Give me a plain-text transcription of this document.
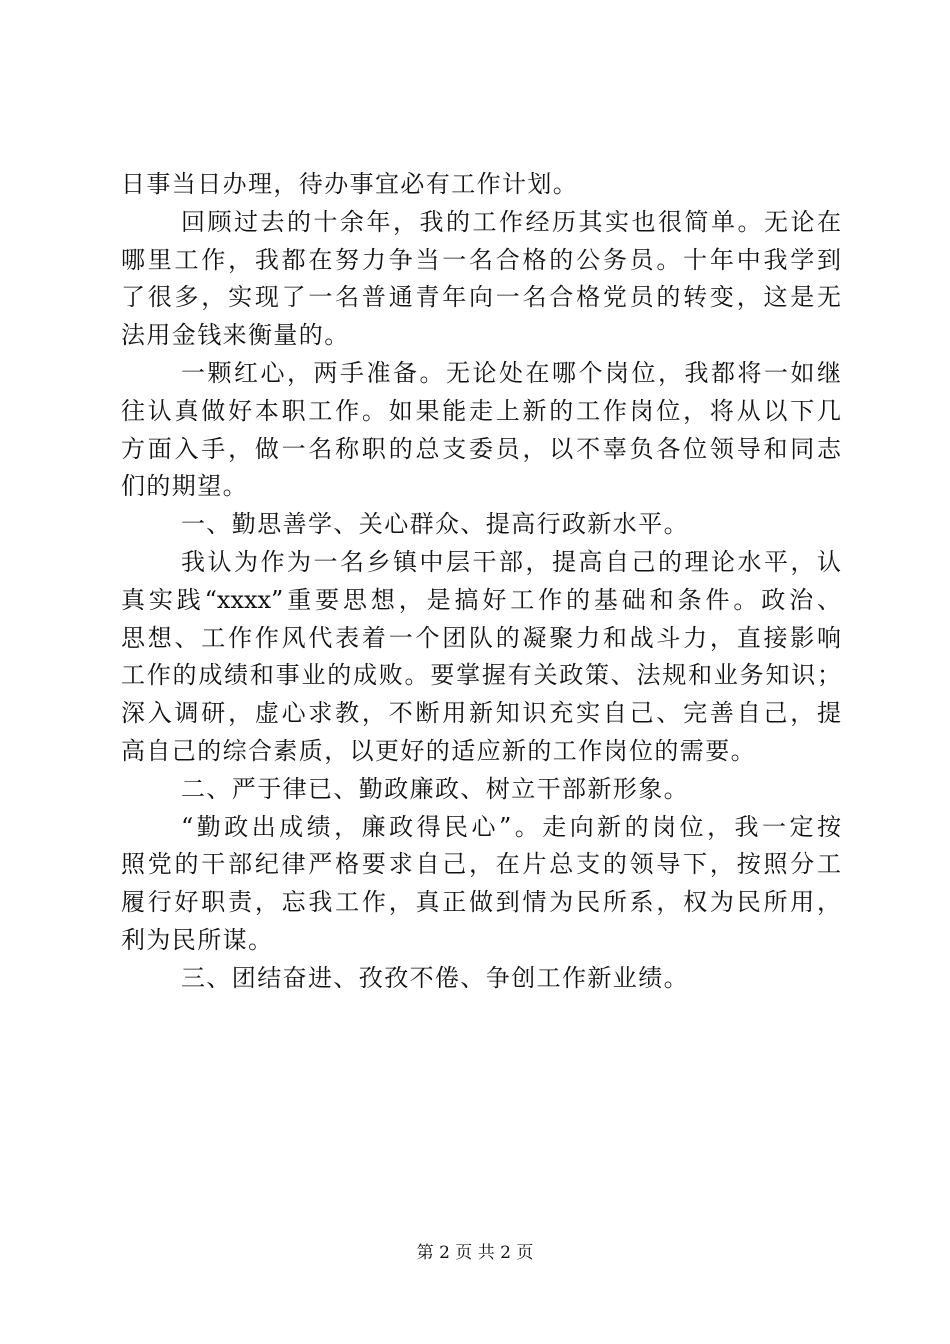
日事当日办理，待办事宜必有工作计划。
回顾过去的十余年，我的工作经历其实也很简单。无论在
哪里工作，我都在努力争当一名合格的公务员。十年中我学到
了很多，实现了一名普通青年向一名合格党员的转变，这是无
法用金钱来衡量的。
一颗红心，两手准备。无论处在哪个岗位，我都将一如继
往认真做好本职工作。如果能走上新的工作岗位，将从以下几
方面入手，做一名称职的总支委员，以不辜负各位领导和同志
们的期望。
一、勤思善学、关心群众、提高行政新水平。
我认为作为一名乡镇中层干部，提高自己的理论水平，认
真实践“xxxx”重要思想，是搞好工作的基础和条件。政治、
思想、工作作风代表着一个团队的凝聚力和战斗力，直接影响
工作的成绩和事业的成败。要掌握有关政策、法规和业务知识；
深入调研，虚心求教，不断用新知识充实自己、完善自己，提
高自己的综合素质，以更好的适应新的工作岗位的需要。
二、严于律已、勤政廉政、树立干部新形象。
“勤政出成绩，廉政得民心”。走向新的岗位，我一定按
照党的干部纪律严格要求自己，在片总支的领导下，按照分工
履行好职责，忘我工作，真正做到情为民所系，权为民所用，
利为民所谋。
三、团结奋进、孜孜不倦、争创工作新业绩。
第 2 页 共 2 页
